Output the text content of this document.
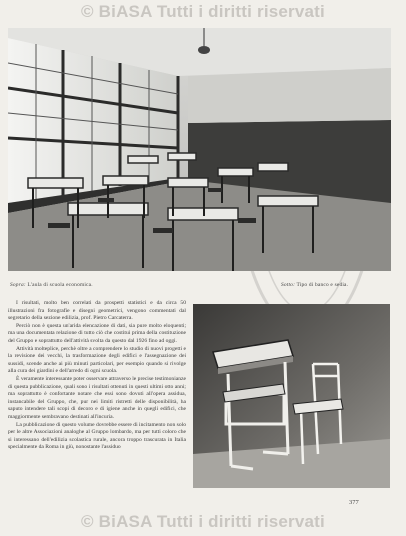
© BiASA Tutti i diritti riservati
Sopra: L'aula di scuola economica.	Sotto: Tipo di banco e sedia.

I risultati, molto ben correlati da prospetti statistici e da circa 50 illustrazioni fra fotografie e disegni geometrici, vengono commentati dal segretario della sezione edilizia, prof. Pietro Carcaterra.

Perciò non è questa un'arida elencazione di dati, sia pure molto eloquenti; ma una documentata relazione di tutto ciò che costituì prima della costituzione del Gruppo e soprattutto dell'attività svolta da questo dal 1926 fino ad oggi.

Attività molteplice, perchè oltre a comprendere lo studio di nuovi progetti e la revisione dei vecchi, la trasformazione degli edifici e l'assegnazione dei sussidi, scende anche ai più minuti particolari, per esempio quando si rivolge alla cura dei giardini e dell'arredo di ogni scuola.

È veramente interessante poter osservare attraverso le precise testimonianze di questa pubblicazione, quali sono i risultati ottenuti in questi ultimi otto anni; ma soprattutto è confortante notare che essi sono dovuti all'opera assidua, instancabile del Gruppo, che, pur nei limiti ristretti delle disponibilità, ha saputo intendere tali scopi di decoro e di igiene anche in quegli edifici, che maggiormente sembravano destinati all'incuria.

La pubblicazione di questo volume dovrebbe essere di incitamento non solo per le altre Associazioni analoghe al Gruppo lombardo, ma per tutti coloro che si interessano dell'edilizia scolastica rurale, ancora troppo trascurata in Italia specialmente da Roma in giù, nonostante l'assiduo

377
© BiASA Tutti i diritti riservati
